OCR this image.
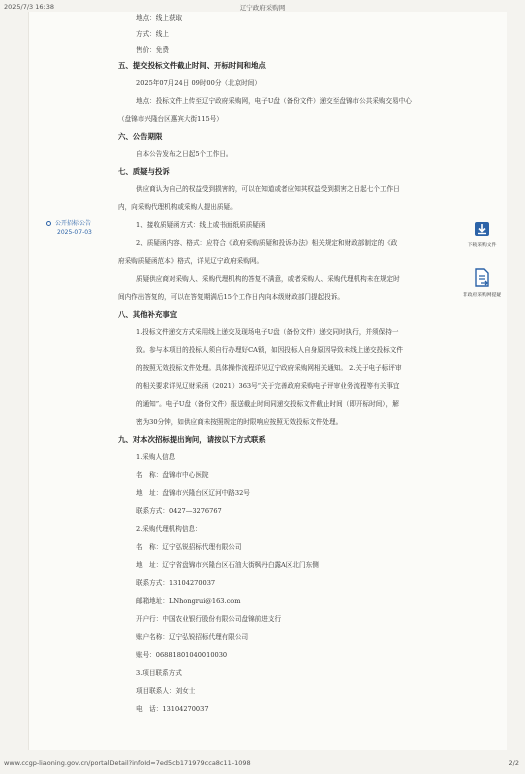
2025/7/3 16:38	辽宁政府采购网
公开招标公告
2025-07-03
下载采购文件
非政府采购网提疑
地点：线上获取
方式：线上
售价：免费
五、提交投标文件截止时间、开标时间和地点
2025年07月24日 09时00分（北京时间）
地点：投标文件上传至辽宁政府采购网，电子U盘（备份文件）递交至盘锦市公共采购交易中心
（盘锦市兴隆台区惠宾大街115号）
六、公告期限
自本公告发布之日起5个工作日。
七、质疑与投诉
供应商认为自己的权益受到损害的，可以在知道或者应知其权益受到损害之日起七个工作日
内，向采购代理机构或采购人提出质疑。
1、接收质疑函方式：线上或书面纸质质疑函
2、质疑函内容、格式：应符合《政府采购质疑和投诉办法》相关规定和财政部制定的《政
府采购质疑函范本》格式，详见辽宁政府采购网。
质疑供应商对采购人、采购代理机构的答复不满意，或者采购人、采购代理机构未在规定时
间内作出答复的，可以在答复期满后15个工作日内向本级财政部门提起投诉。
八、其他补充事宜
1.投标文件递交方式采用线上递交及现场电子U盘（备份文件）递交同时执行，并须保持一
致。参与本项目的投标人须自行办理好CA锁，如因投标人自身原因导致未线上递交投标文件
的按照无效投标文件处理。具体操作流程详见辽宁政府采购网相关通知。 2.关于电子标评审
的相关要求详见辽财采函（2021）363号“关于完善政府采购电子评审业务流程等有关事宜
的通知”。电子U盘（备份文件）报送截止时间同递交投标文件截止时间（即开标时间），解
密为30分钟，如供应商未按照规定的时限响应按照无效投标文件处理。
九、对本次招标提出询问，请按以下方式联系
1.采购人信息
名　称：盘锦市中心医院
地　址：盘锦市兴隆台区辽河中路32号
联系方式：0427—3276767
2.采购代理机构信息：
名　称：辽宁弘锐招标代理有限公司
地　址：辽宁省盘锦市兴隆台区石油大街枫丹白露A区北门东侧
联系方式：13104270037
邮箱地址：LNhongrui@163.com
开户行：中国农业银行股份有限公司盘锦前进支行
账户名称：辽宁弘锐招标代理有限公司
账号：06881801040010030
3.项目联系方式
项目联系人：刘女士
电　话：13104270037
www.ccgp-liaoning.gov.cn/portalDetail?infoId=7ed5cb171979cca8c11-1098	2/2
